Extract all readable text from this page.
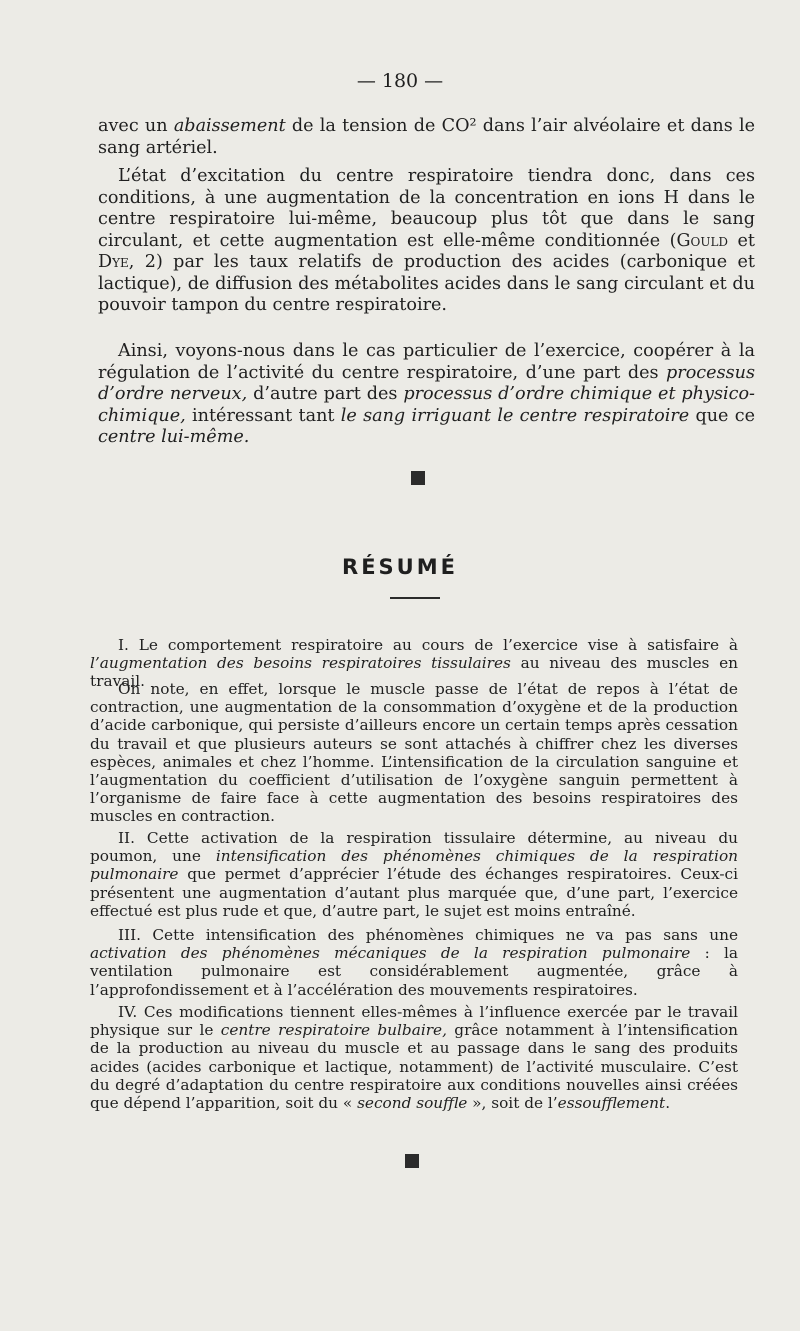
— 180 —

avec un abaissement de la tension de CO² dans l’air alvéolaire et dans le sang artériel.

L’état d’excitation du centre respiratoire tiendra donc, dans ces conditions, à une augmentation de la concentration en ions H dans le centre respiratoire lui-même, beaucoup plus tôt que dans le sang circulant, et cette augmentation est elle-même conditionnée (Gould et Dye, 2) par les taux relatifs de production des acides (carbonique et lactique), de diffusion des métabolites acides dans le sang circulant et du pouvoir tampon du centre respiratoire.

Ainsi, voyons-nous dans le cas particulier de l’exercice, coopérer à la régulation de l’activité du centre respiratoire, d’une part des processus d’ordre nerveux, d’autre part des processus d’ordre chimique et physico-chimique, intéressant tant le sang irriguant le centre respiratoire que ce centre lui-même.

RÉSUMÉ

I. Le comportement respiratoire au cours de l’exercice vise à satisfaire à l’augmentation des besoins respiratoires tissulaires au niveau des muscles en travail.

On note, en effet, lorsque le muscle passe de l’état de repos à l’état de contraction, une augmentation de la consommation d’oxygène et de la production d’acide carbonique, qui persiste d’ailleurs encore un certain temps après cessation du travail et que plusieurs auteurs se sont attachés à chiffrer chez les diverses espèces, animales et chez l’homme. L’intensification de la circulation sanguine et l’augmentation du coefficient d’utilisation de l’oxygène sanguin permettent à l’organisme de faire face à cette augmentation des besoins respiratoires des muscles en contraction.

II. Cette activation de la respiration tissulaire détermine, au niveau du poumon, une intensification des phénomènes chimiques de la respiration pulmonaire que permet d’apprécier l’étude des échanges respiratoires. Ceux-ci présentent une augmentation d’autant plus marquée que, d’une part, l’exercice effectué est plus rude et que, d’autre part, le sujet est moins entraîné.

III. Cette intensification des phénomènes chimiques ne va pas sans une activation des phénomènes mécaniques de la respiration pulmonaire : la ventilation pulmonaire est considérablement augmentée, grâce à l’approfondissement et à l’accélération des mouvements respiratoires.

IV. Ces modifications tiennent elles-mêmes à l’influence exercée par le travail physique sur le centre respiratoire bulbaire, grâce notamment à l’intensification de la production au niveau du muscle et au passage dans le sang des produits acides (acides carbonique et lactique, notamment) de l’activité musculaire. C’est du degré d’adaptation du centre respiratoire aux conditions nouvelles ainsi créées que dépend l’apparition, soit du « second souffle », soit de l’essoufflement.
